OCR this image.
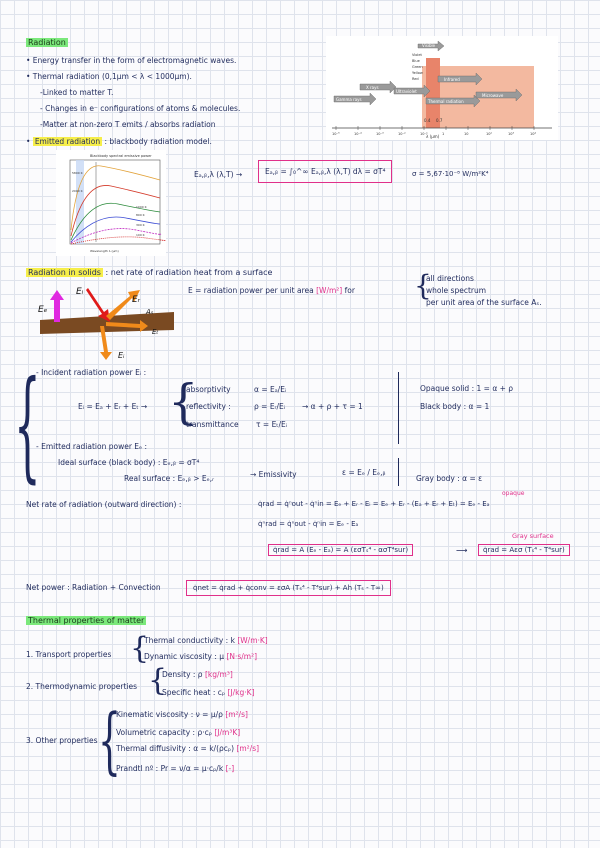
Radiation
• Energy transfer in the form of electromagnetic waves.
• Thermal radiation (0,1μm < λ < 1000μm).
-Linked to matter T.
- Changes in e⁻ configurations of atoms & molecules.
-Matter at non-zero T emits / absorbs radiation
• Emitted radiation : blackbody radiation model.
10⁻⁵	10⁻⁴	10⁻³	10⁻²	10⁻¹	1	10	10²	10³	10⁴
Gamma rays
X rays
Ultraviolet
Visible
Infrared
Thermal radiation
Microwave
Violet
Blue
Green
Yellow
Red
0.4 0.7
λ (μm)
Blackbody spectral emissive power
5800 K
2000 K
1000 K
800 K
300 K
100 K
Wavelength λ (μm)
Eₐ,ᵦ,λ (λ,T) →	Eₐ,ᵦ = ∫₀^∞ Eₐ,ᵦ,λ (λ,T) dλ = σT⁴	σ = 5,67·10⁻⁸ W/m²K⁴
Radiation in solids : net rate of radiation heat from a surface
Eₑ
Eᵢ
Eᵣ
Aₛ
Eₜ
Eᵢ
E = radiation power per unit area [W/m²] for {
all directions
whole spectrum
per unit area of the surface Aₛ.
{
- Incident radiation power Eᵢ :
Eᵢ = Eₐ + Eᵣ + Eₜ → {
absorptivity	α = Eₐ/Eᵢ
reflectivity :	ρ = Eᵣ/Eᵢ
transmittance τ = Eₜ/Eᵢ
→ α + ρ + τ = 1
Opaque solid : 1 = α + ρ
Black body : α = 1
- Emitted radiation power Eₑ :
Ideal surface (black body) : Eₑ,ᵦ = σT⁴
Real surface : Eₑ,ᵦ > Eₑ,ᵣ	→ Emissivity	ε = Eₑ / Eₑ,ᵦ
Gray body : α = ε
Net rate of radiation (outward direction) :	q̇rad = q̇ⁿout - q̇ⁿin = Eₑ + Eᵣ - Eᵢ = Eₑ + Eᵣ - (Eₐ + Eᵣ + Eₜ) = Eₑ - Eₐ
opaque
q̇ⁿrad = q̇ⁿout - q̇ⁿin = Eₑ - Eₐ
Gray surface
q̇rad = A (Eₑ - Eₐ) = A (εσTₛ⁴ - ασT⁴sur)	⟶	q̇rad = Aεσ (Tₛ⁴ - T⁴sur)
Net power : Radiation + Convection	q̇net = q̇rad + q̇conv = εσA (Tₛ⁴ - T⁴sur) + Ah (Tₛ - T∞)
Thermal properties of matter
1. Transport properties {
Thermal conductivity : k [W/m·K]
Dynamic viscosity : μ [N·s/m²]
2. Thermodynamic properties {
Density : ρ [kg/m³]
Specific heat : cₚ [J/kg·K]
3. Other properties {
Kinematic viscosity : ν = μ/ρ [m²/s]
Volumetric capacity : ρ·cₚ [J/m³K]
Thermal diffusivity : α = k/(ρcₚ) [m²/s]
Prandtl nº : Pr = ν/α = μ·cₚ/k [-]
